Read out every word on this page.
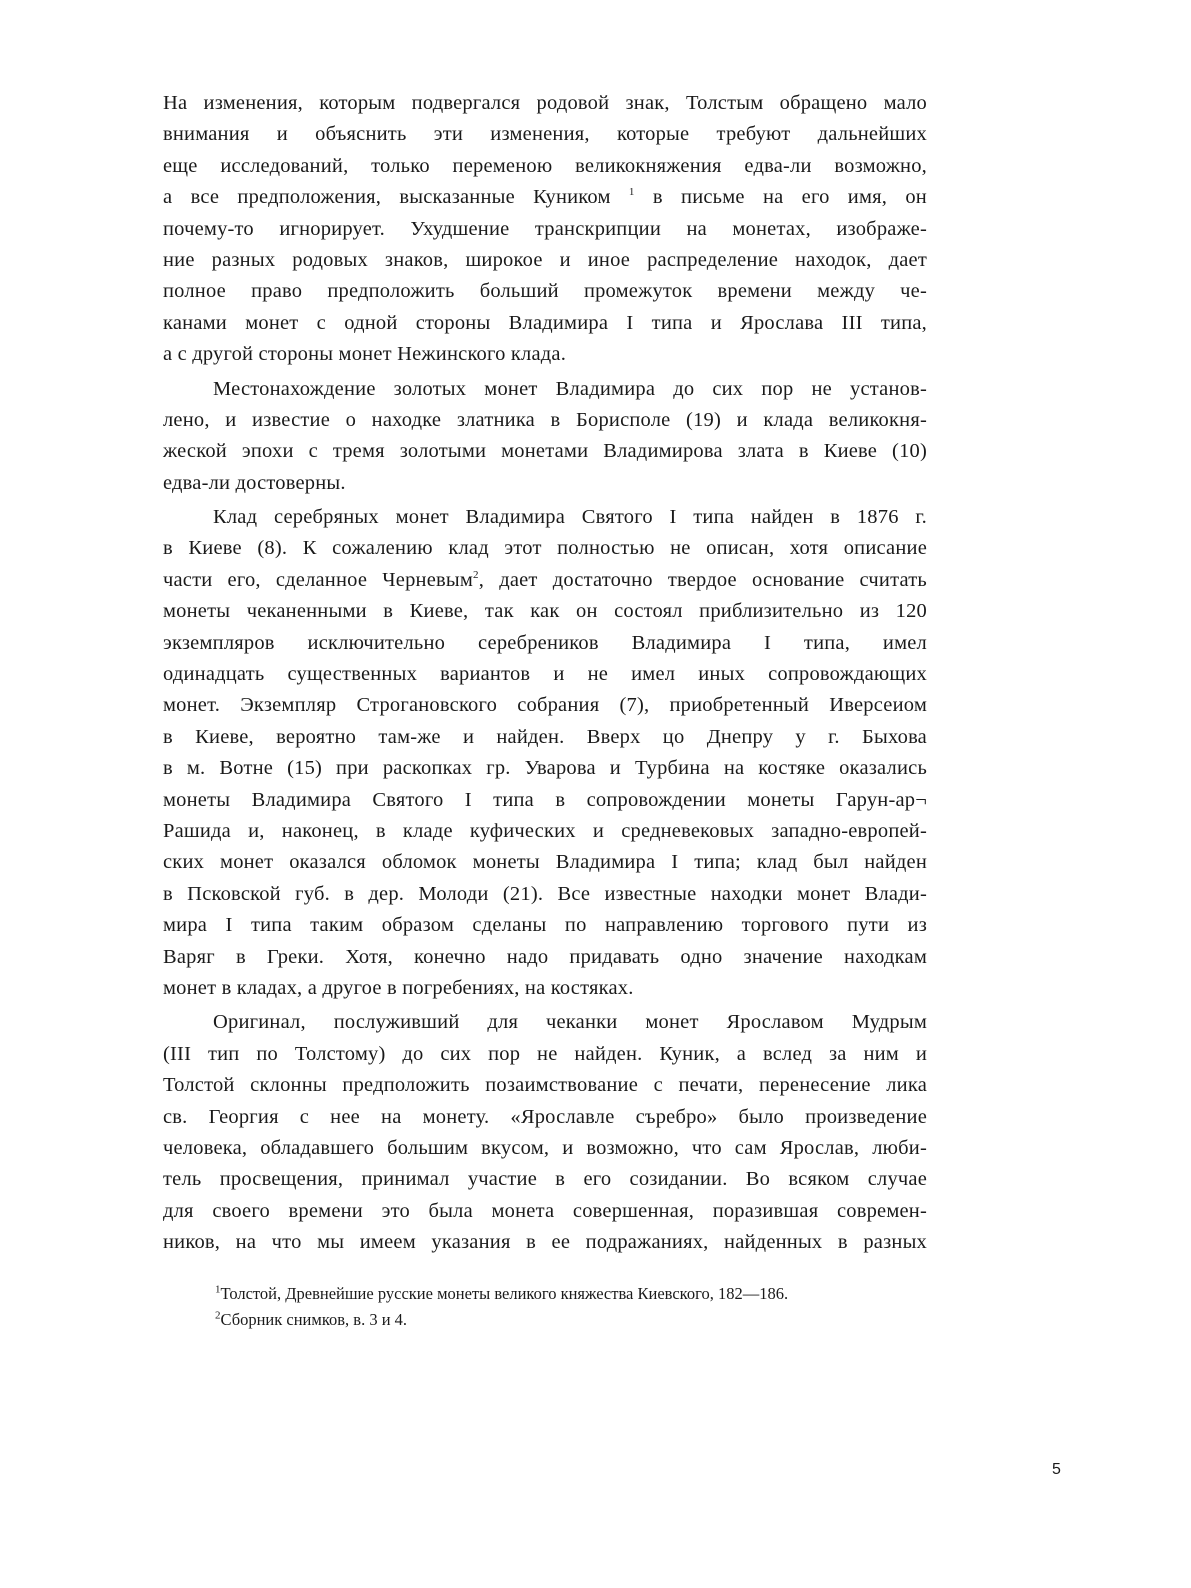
На изменения, которым подвергался родовой знак, Толстым обращено мало
внимания и объяснить эти изменения, которые требуют дальнейших
еще исследований, только переменою великокняжения едва-ли возможно,
а все предположения, высказанные Куником $^1$ в письме на его имя, он
почему-то игнорирует. Ухудшение транскрипции на монетах, изображе-
ние разных родовых знаков, широкое и иное распределение находок, дает
полное право предположить больший промежуток времени между че-
канами монет с одной стороны Владимира I типа и Ярослава III типа,
а с другой стороны монет Нежинского клада.
Местонахождение золотых монет Владимира до сих пор не установ-
лено, и известие о находке златника в Борисполе (19) и клада великокня-
жеской эпохи с тремя золотыми монетами Владимирова злата в Киеве (10)
едва-ли достоверны.
Клад серебряных монет Владимира Святого I типа найден в 1876 г.
в Киеве (8). К сожалению клад этот полностью не описан, хотя описание
части его, сделанное Черневым$^2$, дает достаточно твердое основание считать
монеты чеканенными в Киеве, так как он состоял приблизительно из 120
экземпляров исключительно серебреников Владимира I типа, имел
одинадцать существенных вариантов и не имел иных сопровождающих
монет. Экземпляр Строгановского собрания (7), приобретенный Иверсеиом
в Киеве, вероятно там-же и найден. Вверх цо Днепру у г. Быхова
в м. Вотне (15) при раскопках гр. Уварова и Турбина на костяке оказались
монеты Владимира Святого I типа в сопровождении монеты Гарун-ар¬
Рашида и, наконец, в кладе куфических и средневековых западно-европей-
ских монет оказался обломок монеты Владимира I типа; клад был найден
в Псковской губ. в дер. Молоди (21). Все известные находки монет Влади-
мира I типа таким образом сделаны по направлению торгового пути из
Варяг в Греки. Хотя, конечно надо придавать одно значение находкам
монет в кладах, а другое в погребениях, на костяках.
Оригинал, послуживший для чеканки монет Ярославом Мудрым
(III тип по Толстому) до сих пор не найден. Куник, а вслед за ним и
Толстой склонны предположить позаимствование с печати, перенесение лика
св. Георгия с нее на монету. «Ярославле съребро» было произведение
человека, обладавшего большим вкусом, и возможно, что сам Ярослав, люби-
тель просвещения, принимал участие в его созидании. Во всяком случае
для своего времени это была монета совершенная, поразившая современ-
ников, на что мы имеем указания в ее подражаниях, найденных в разных
$^1$Толстой, Древнейшие русские монеты великого княжества Киевского, 182—186.
$^2$Сборник снимков, в. 3 и 4.
5
